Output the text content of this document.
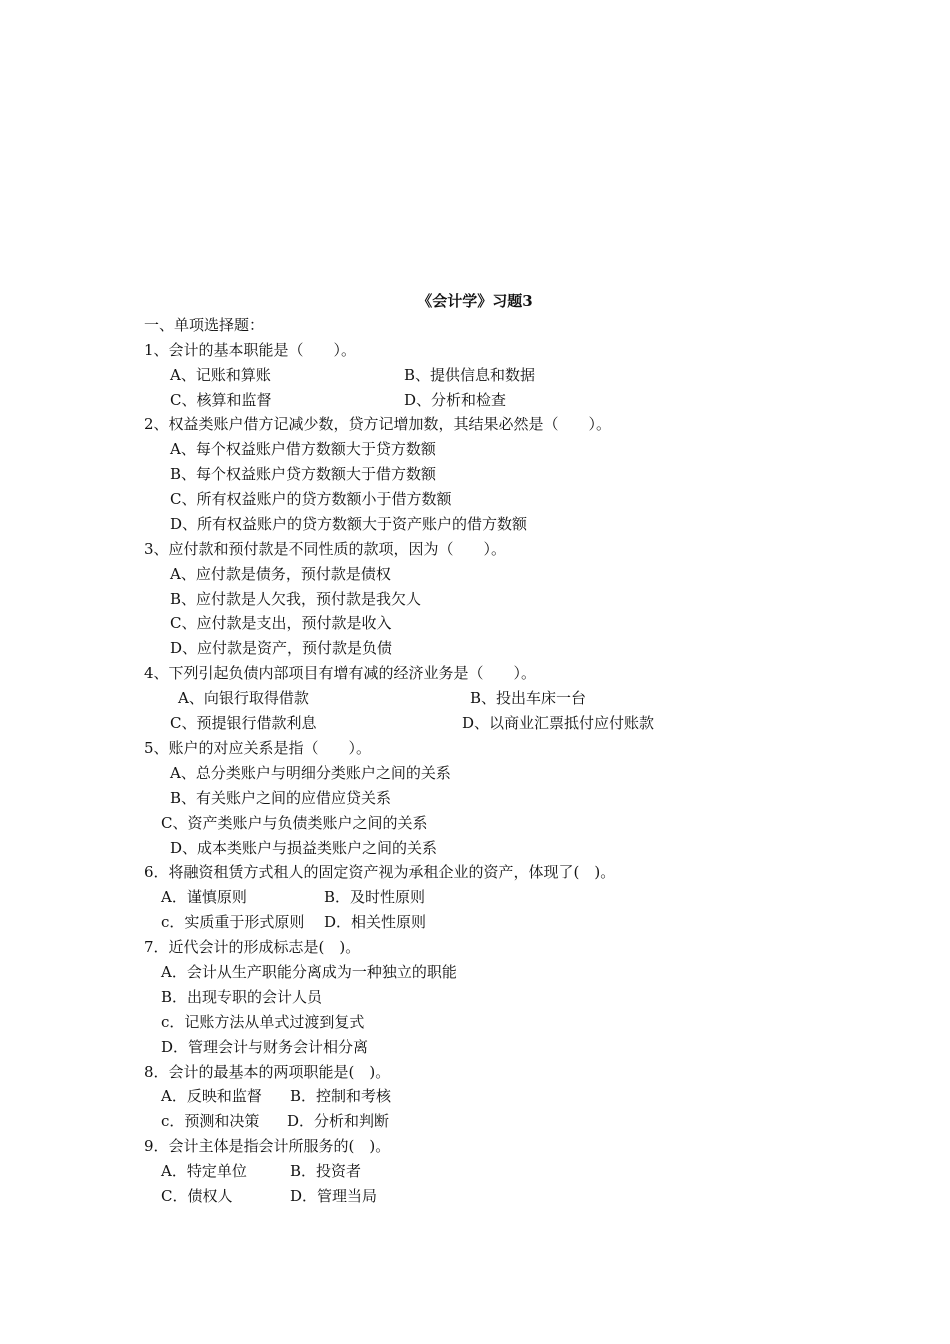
《会计学》习题3
一、单项选择题：
1、会计的基本职能是（　　）。
A、记账和算账	B、提供信息和数据
C、核算和监督	D、分析和检查
2、权益类账户借方记减少数，贷方记增加数，其结果必然是（　　）。
A、每个权益账户借方数额大于贷方数额
B、每个权益账户贷方数额大于借方数额
C、所有权益账户的贷方数额小于借方数额
D、所有权益账户的贷方数额大于资产账户的借方数额
3、应付款和预付款是不同性质的款项，因为（　　）。
A、应付款是债务，预付款是债权
B、应付款是人欠我，预付款是我欠人
C、应付款是支出，预付款是收入
D、应付款是资产，预付款是负债
4、下列引起负债内部项目有增有减的经济业务是（　　）。
A、向银行取得借款	B、投出车床一台
C、预提银行借款利息	D、以商业汇票抵付应付账款
5、账户的对应关系是指（　　）。
A、总分类账户与明细分类账户之间的关系
B、有关账户之间的应借应贷关系
C、资产类账户与负债类账户之间的关系
D、成本类账户与损益类账户之间的关系
6．将融资租赁方式租人的固定资产视为承租企业的资产，体现了(　)。
A．谨慎原则	B．及时性原则
c．实质重于形式原则 D．相关性原则
7．近代会计的形成标志是(　)。
A．会计从生产职能分离成为一种独立的职能
B．出现专职的会计人员
c．记账方法从单式过渡到复式
D．管理会计与财务会计相分离
8．会计的最基本的两项职能是(　)。
A．反映和监督 B．控制和考核
c．预测和决策 D．分析和判断
9．会计主体是指会计所服务的(　)。
A．特定单位	B．投资者
C．债权人	D．管理当局
